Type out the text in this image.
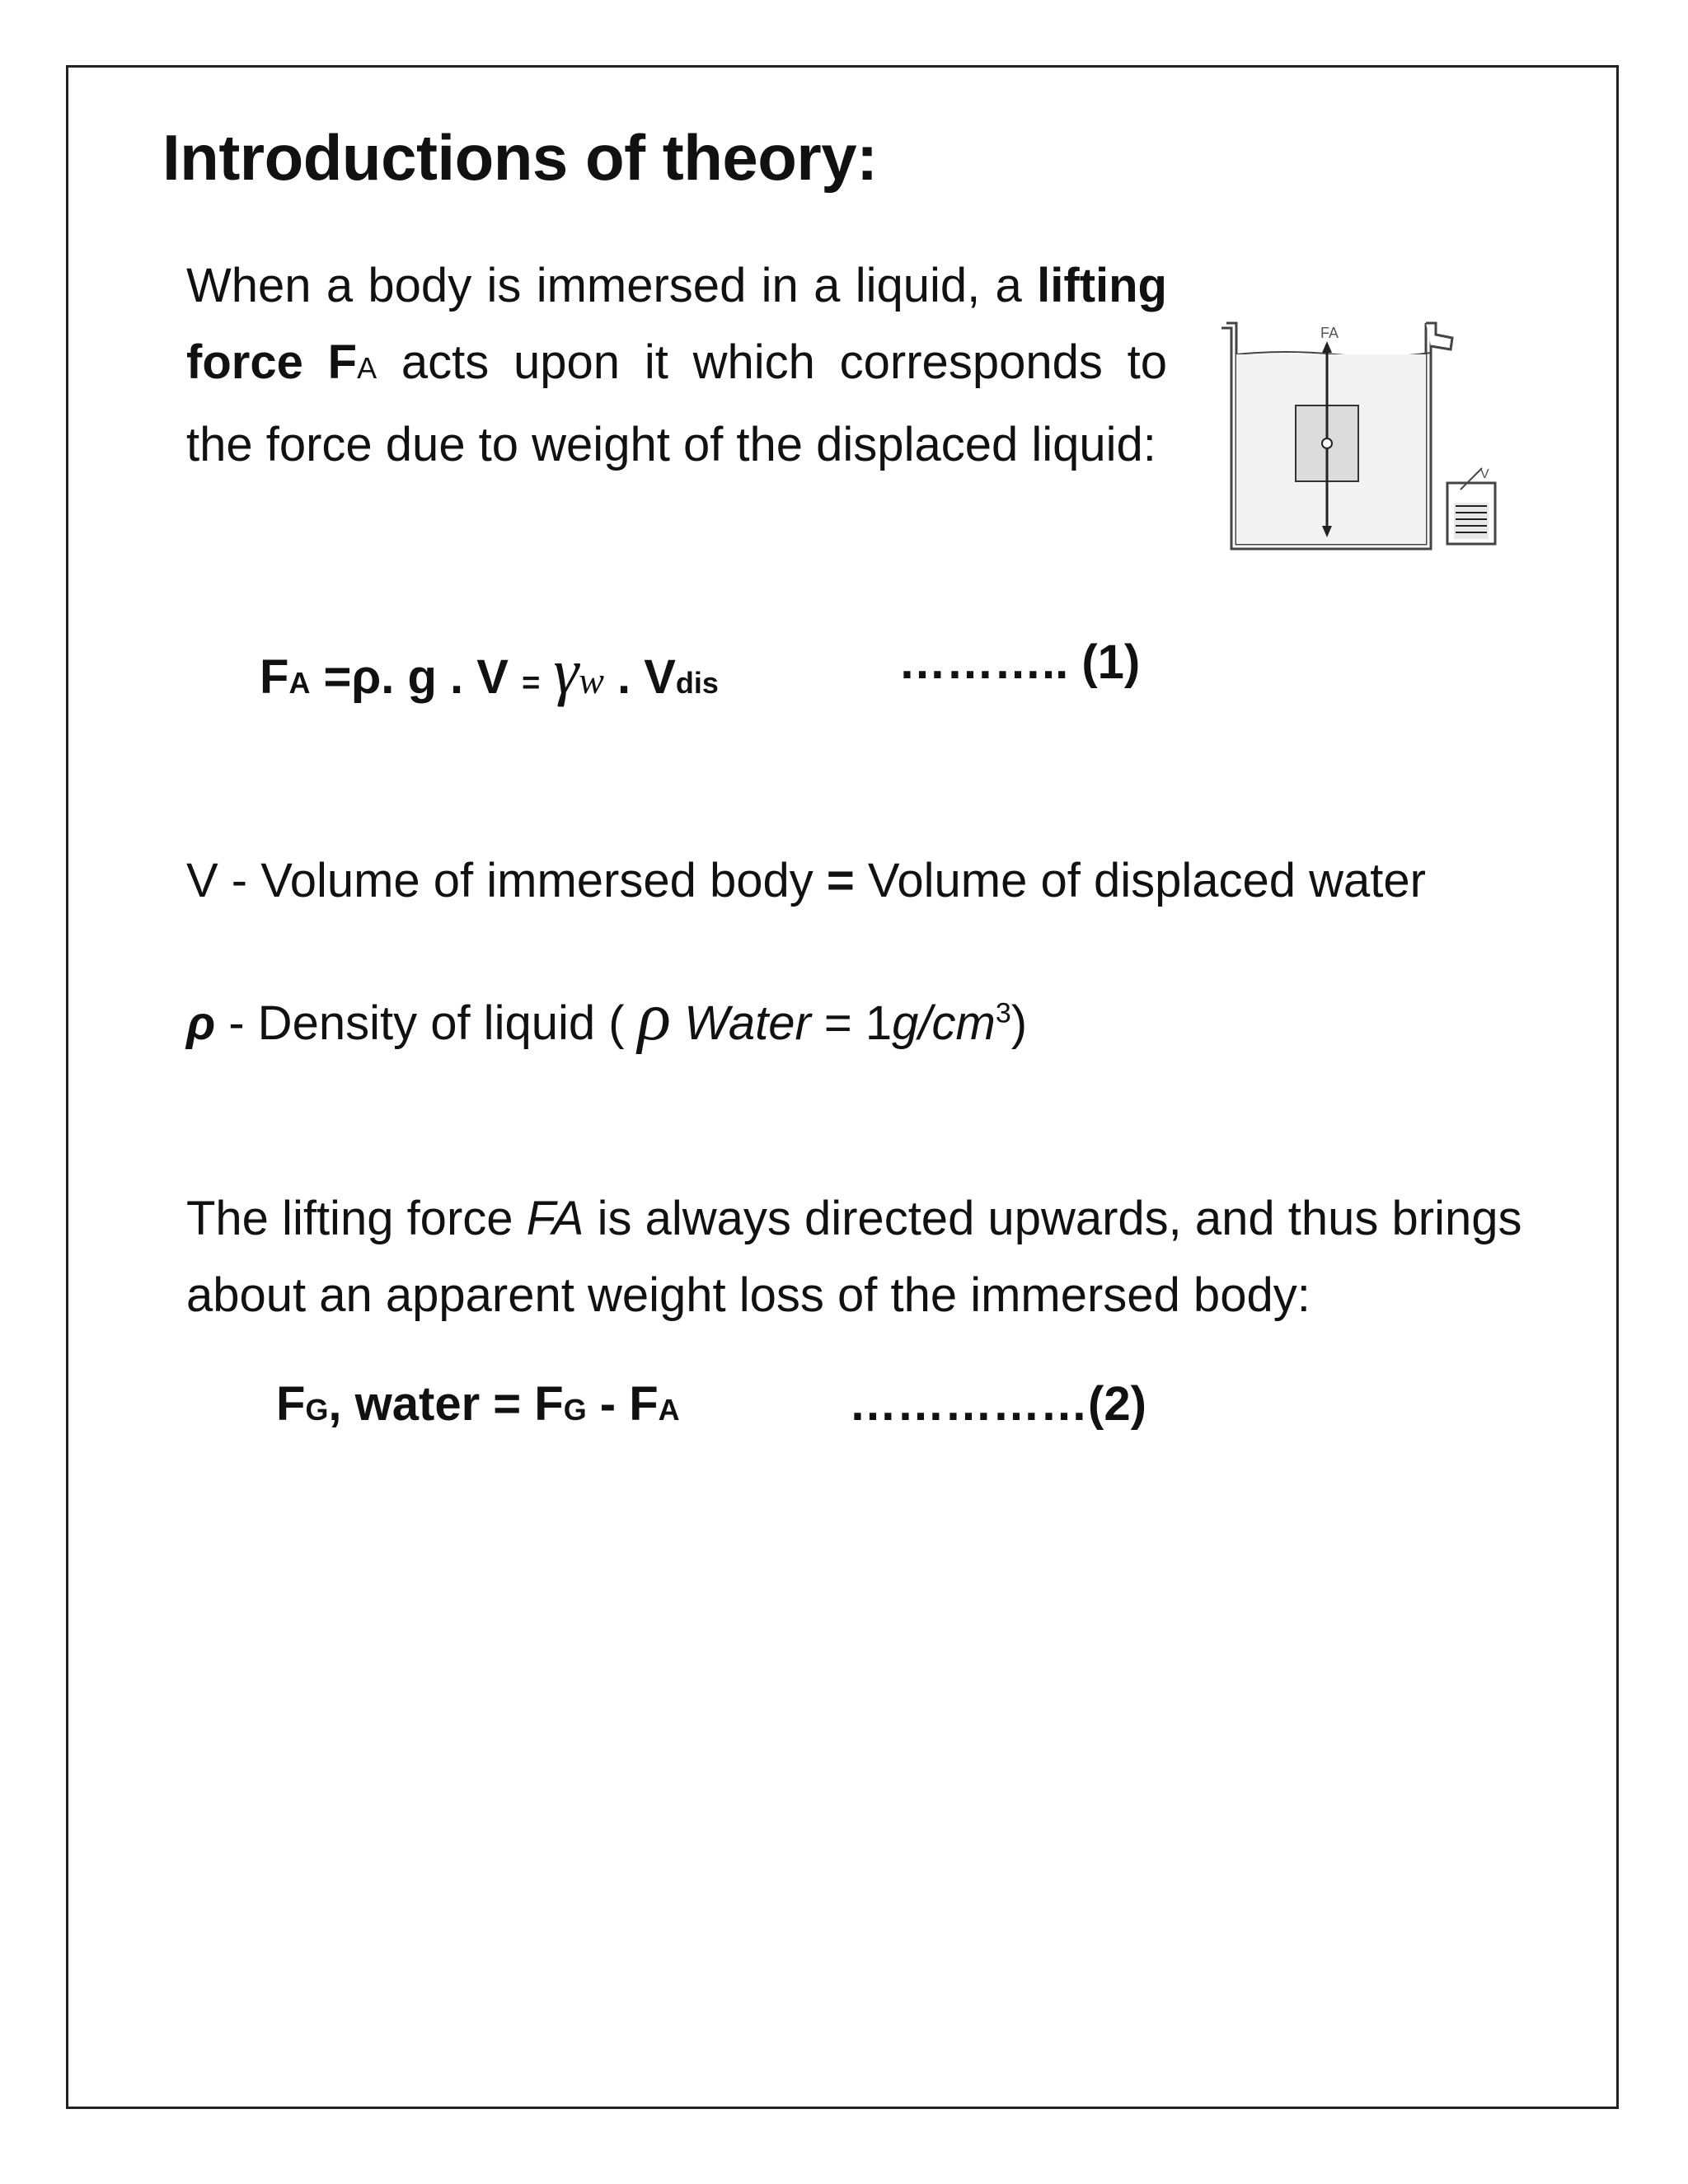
Introductions of theory:

When a body is immersed in a liquid, a lifting force FA acts upon it which corresponds to the force due to weight of the displaced liquid:

FA
V
FA =ρ. g . V = γw . Vdis	……….. (1)
V - Volume of immersed body = Volume of displaced water
ρ - Density of liquid ( ρ Water = $1g/cm^3$)

The lifting force FA is always directed upwards, and thus brings about an apparent weight loss of the immersed body:

FG, water = FG - FA	……………(2)
